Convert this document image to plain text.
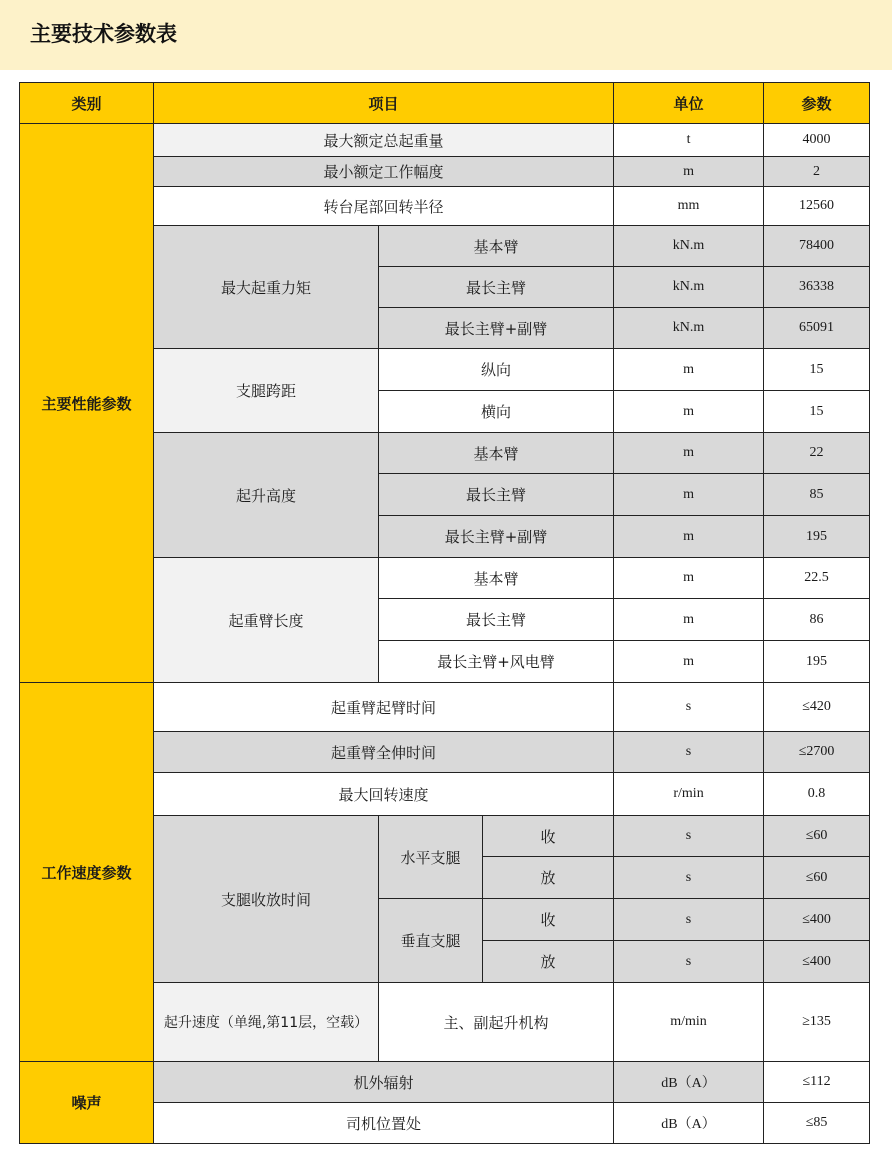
主要技术参数表
类别	项目			单位	参数
主要性能参数	最大额定总起重量			t	4000
	最小额定工作幅度			m	2
	转台尾部回转半径			mm	12560
	最大起重力矩	基本臂		kN.m	78400
		最长主臂		kN.m	36338
		最长主臂+副臂		kN.m	65091
	支腿跨距	纵向		m	15
		横向		m	15
	起升高度	基本臂		m	22
		最长主臂		m	85
		最长主臂+副臂		m	195
	起重臂长度	基本臂		m	22.5
		最长主臂		m	86
		最长主臂+风电臂		m	195
工作速度参数	起重臂起臂时间			s	≤420
	起重臂全伸时间			s	≤2700
	最大回转速度			r/min	0.8
	支腿收放时间	水平支腿	收	s	≤60
			放	s	≤60
		垂直支腿	收	s	≤400
			放	s	≤400
	起升速度（单绳,第11层，空载）	主、副起升机构		m/min	≥135
噪声	机外辐射			dB（A）	≤112
	司机位置处			dB（A）	≤85
